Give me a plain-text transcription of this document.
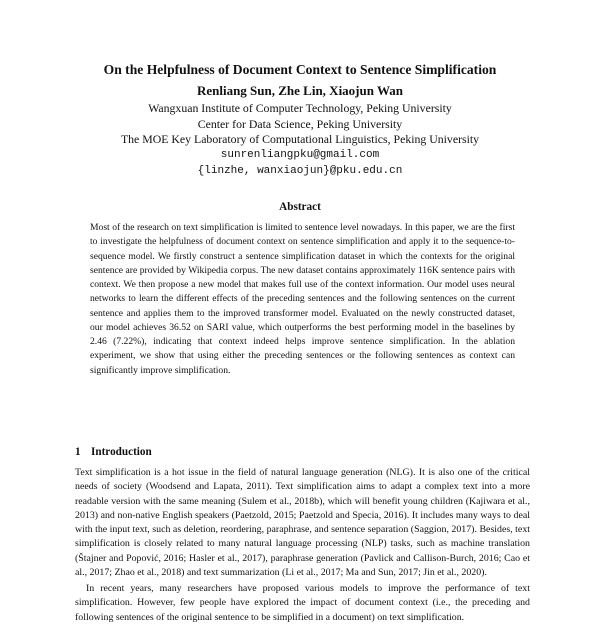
On the Helpfulness of Document Context to Sentence Simplification
Renliang Sun, Zhe Lin, Xiaojun Wan
Wangxuan Institute of Computer Technology, Peking University
Center for Data Science, Peking University
The MOE Key Laboratory of Computational Linguistics, Peking University
sunrenliangpku@gmail.com
{linzhe, wanxiaojun}@pku.edu.cn
Abstract

Most of the research on text simplification is limited to sentence level nowadays. In this paper, we are the first to investigate the helpfulness of document context on sentence simplification and apply it to the sequence-to-sequence model. We firstly construct a sentence simplification dataset in which the contexts for the original sentence are provided by Wikipedia corpus. The new dataset contains approximately 116K sentence pairs with context. We then propose a new model that makes full use of the context information. Our model uses neural networks to learn the different effects of the preceding sentences and the following sentences on the current sentence and applies them to the improved transformer model. Evaluated on the newly constructed dataset, our model achieves 36.52 on SARI value, which outperforms the best performing model in the baselines by 2.46 (7.22%), indicating that context indeed helps improve sentence simplification. In the ablation experiment, we show that using either the preceding sentences or the following sentences as context can significantly improve simplification.

1 Introduction

Text simplification is a hot issue in the field of natural language generation (NLG). It is also one of the critical needs of society (Woodsend and Lapata, 2011). Text simplification aims to adapt a complex text into a more readable version with the same meaning (Sulem et al., 2018b), which will benefit young children (Kajiwara et al., 2013) and non-native English speakers (Paetzold, 2015; Paetzold and Specia, 2016). It includes many ways to deal with the input text, such as deletion, reordering, paraphrase, and sentence separation (Saggion, 2017). Besides, text simplification is closely related to many natural language processing (NLP) tasks, such as machine translation (Štajner and Popović, 2016; Hasler et al., 2017), paraphrase generation (Pavlick and Callison-Burch, 2016; Cao et al., 2017; Zhao et al., 2018) and text summarization (Li et al., 2017; Ma and Sun, 2017; Jin et al., 2020).

In recent years, many researchers have proposed various models to improve the performance of text simplification. However, few people have explored the impact of document context (i.e., the preceding and following sentences of the original sentence to be simplified in a document) on text simplification.
